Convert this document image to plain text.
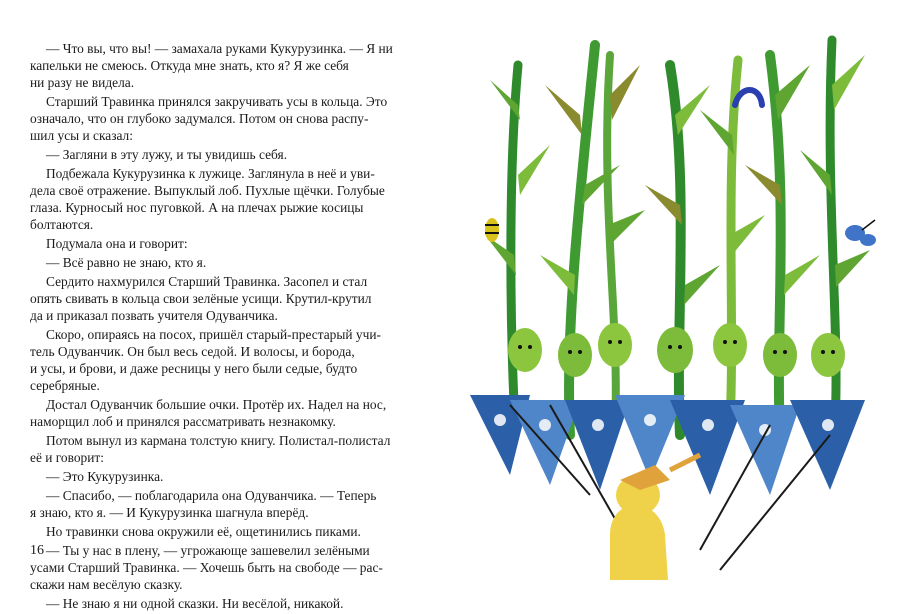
— Что вы, что вы! — замахала руками Кукурузинка. — Я ни
капельки не смеюсь. Откуда мне знать, кто я? Я же себя
ни разу не видела.

Старший Травинка принялся закручивать усы в кольца. Это
означало, что он глубоко задумался. Потом он снова распу-
шил усы и сказал:

— Загляни в эту лужу, и ты увидишь себя.

Подбежала Кукурузинка к лужице. Заглянула в неё и уви-
дела своё отражение. Выпуклый лоб. Пухлые щёчки. Голубые
глаза. Курносый нос пуговкой. А на плечах рыжие косицы
болтаются.

Подумала она и говорит:

— Всё равно не знаю, кто я.

Сердито нахмурился Старший Травинка. Засопел и стал
опять свивать в кольца свои зелёные усищи. Крутил-крутил
да и приказал позвать учителя Одуванчика.

Скоро, опираясь на посох, пришёл старый-престарый учи-
тель Одуванчик. Он был весь седой. И волосы, и борода,
и усы, и брови, и даже ресницы у него были седые, будто
серебряные.

Достал Одуванчик большие очки. Протёр их. Надел на нос,
наморщил лоб и принялся рассматривать незнакомку.

Потом вынул из кармана толстую книгу. Полистал-полистал
её и говорит:

— Это Кукурузинка.

— Спасибо, — поблагодарила она Одуванчика. — Теперь
я знаю, кто я. — И Кукурузинка шагнула вперёд.

Но травинки снова окружили её, ощетинились пиками.

— Ты у нас в плену, — угрожающе зашевелил зелёными
усами Старший Травинка. — Хочешь быть на свободе — рас-
скажи нам весёлую сказку.

— Не знаю я ни одной сказки. Ни весёлой, никакой.

16
